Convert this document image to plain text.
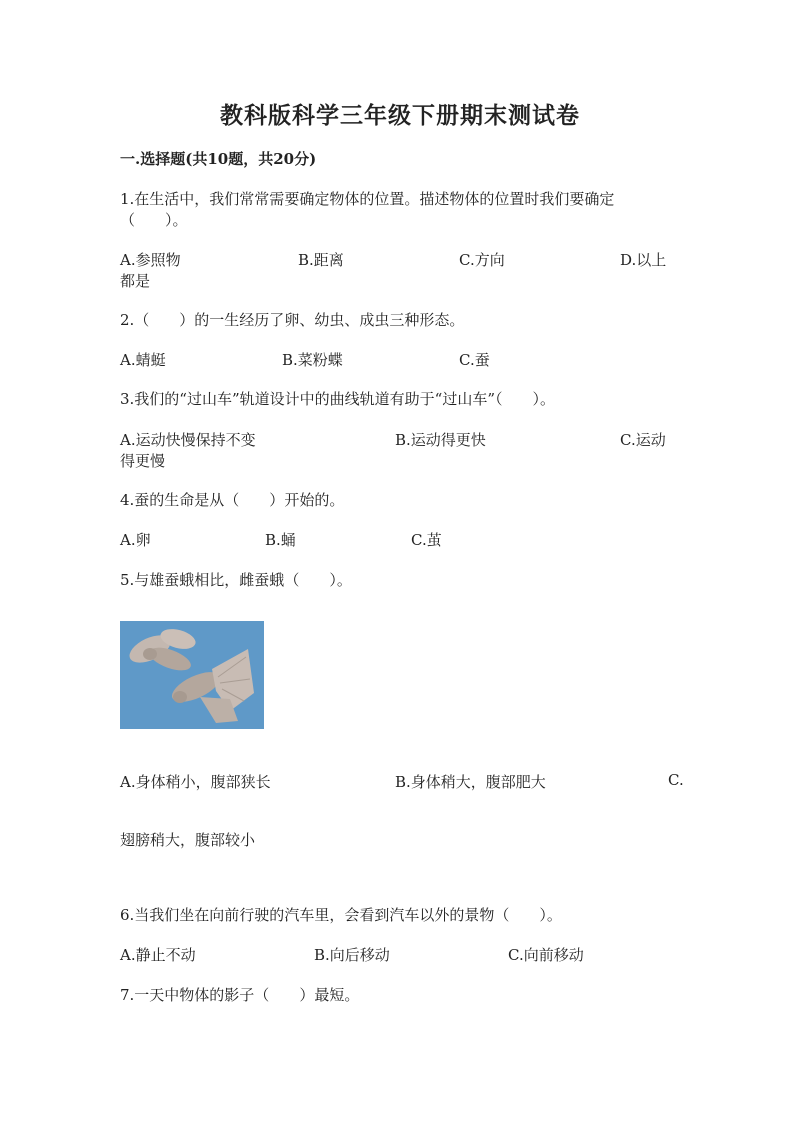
教科版科学三年级下册期末测试卷
一.选择题(共10题，共20分)
1.在生活中，我们常常需要确定物体的位置。描述物体的位置时我们要确定
（　　）。
A.参照物	B.距离	C.方向	D.以上
都是
2.（　　）的一生经历了卵、幼虫、成虫三种形态。
A.蜻蜓	B.菜粉蝶	C.蚕
3.我们的“过山车”轨道设计中的曲线轨道有助于“过山车”（　　）。
A.运动快慢保持不变	B.运动得更快	C.运动
得更慢
4.蚕的生命是从（　　）开始的。
A.卵	B.蛹	C.茧
5.与雄蚕蛾相比，雌蚕蛾（　　）。
A.身体稍小，腹部狭长	B.身体稍大，腹部肥大	C.
翅膀稍大，腹部较小
6.当我们坐在向前行驶的汽车里，会看到汽车以外的景物（　　）。
A.静止不动	B.向后移动	C.向前移动
7.一天中物体的影子（　　）最短。
